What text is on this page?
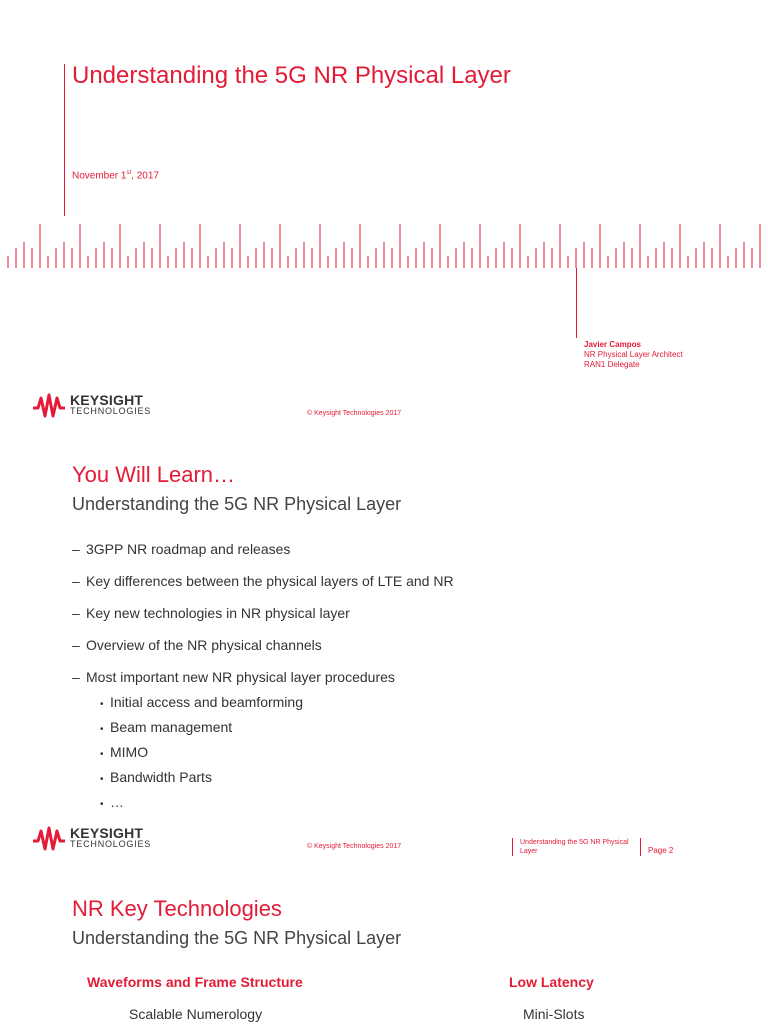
Understanding the 5G NR Physical Layer
November 1st, 2017
Javier Campos
NR Physical Layer Architect
RAN1 Delegate
KEYSIGHT
TECHNOLOGIES	© Keysight Technologies 2017
You Will Learn…
Understanding the 5G NR Physical Layer
– 3GPP NR roadmap and releases
– Key differences between the physical layers of LTE and NR
– Key new technologies in NR physical layer
– Overview of the NR physical channels
– Most important new NR physical layer procedures
• Initial access and beamforming
• Beam management
• MIMO
• Bandwidth Parts
• …
KEYSIGHT
TECHNOLOGIES	© Keysight Technologies 2017
Understanding the 5G NR Physical Layer	Page 2
NR Key Technologies
Understanding the 5G NR Physical Layer
Waveforms and Frame Structure
Scalable Numerology
Low Latency
Mini-Slots
